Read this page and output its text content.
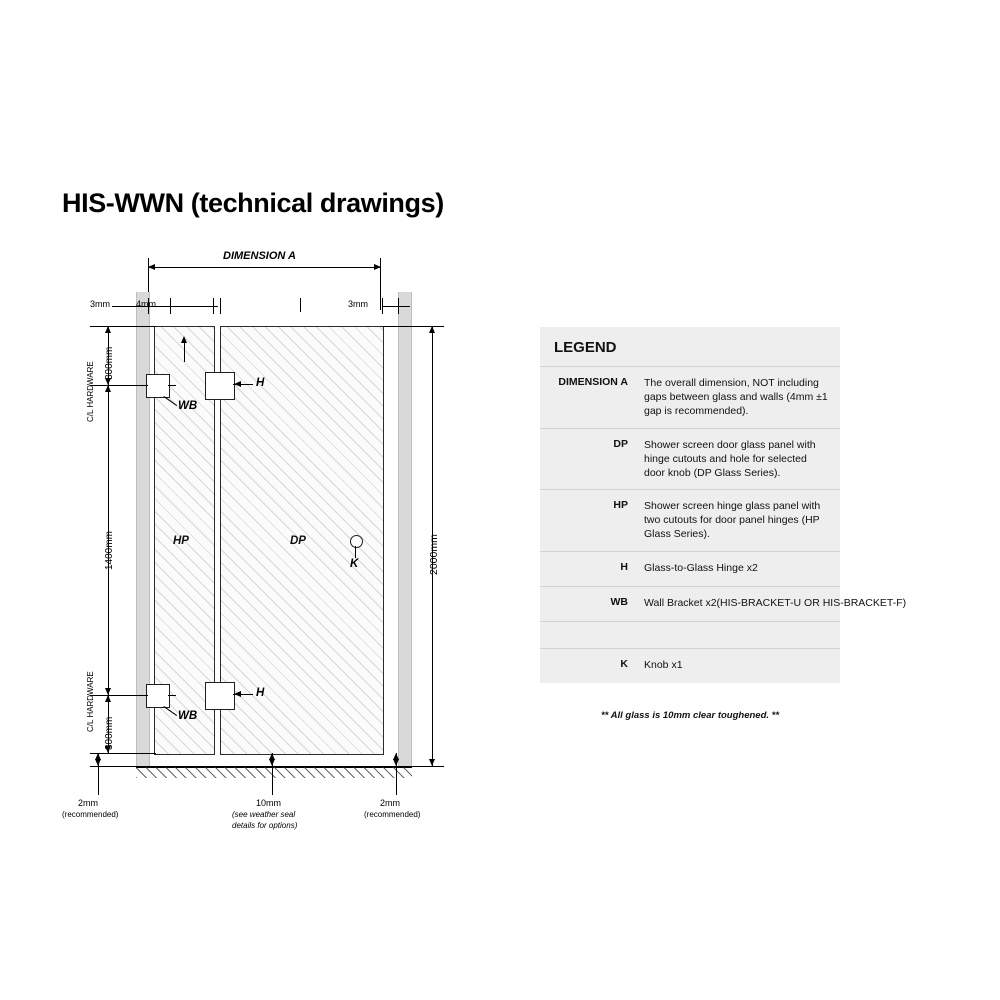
HIS-WWN (technical drawings)
DIMENSION A
3mm	4mm	3mm
HP	DP
WB
H
WB
H
K
300mm
1400mm
300mm
C/L HARDWARE
C/L HARDWARE
2000mm
2mm
(recommended)
10mm
(see weather seal
details for options)
2mm
(recommended)
LEGEND
DIMENSION A	The overall dimension, NOT including gaps between glass and walls (4mm ±1 gap is recommended).
DP	Shower screen door glass panel with hinge cutouts and hole for selected door knob (DP Glass Series).
HP	Shower screen hinge glass panel with two cutouts for door panel hinges (HP Glass Series).
H	Glass-to-Glass Hinge x2
WB	Wall Bracket x2(HIS-BRACKET-U OR HIS-BRACKET-F)
K	Knob x1
** All glass is 10mm clear toughened. **
